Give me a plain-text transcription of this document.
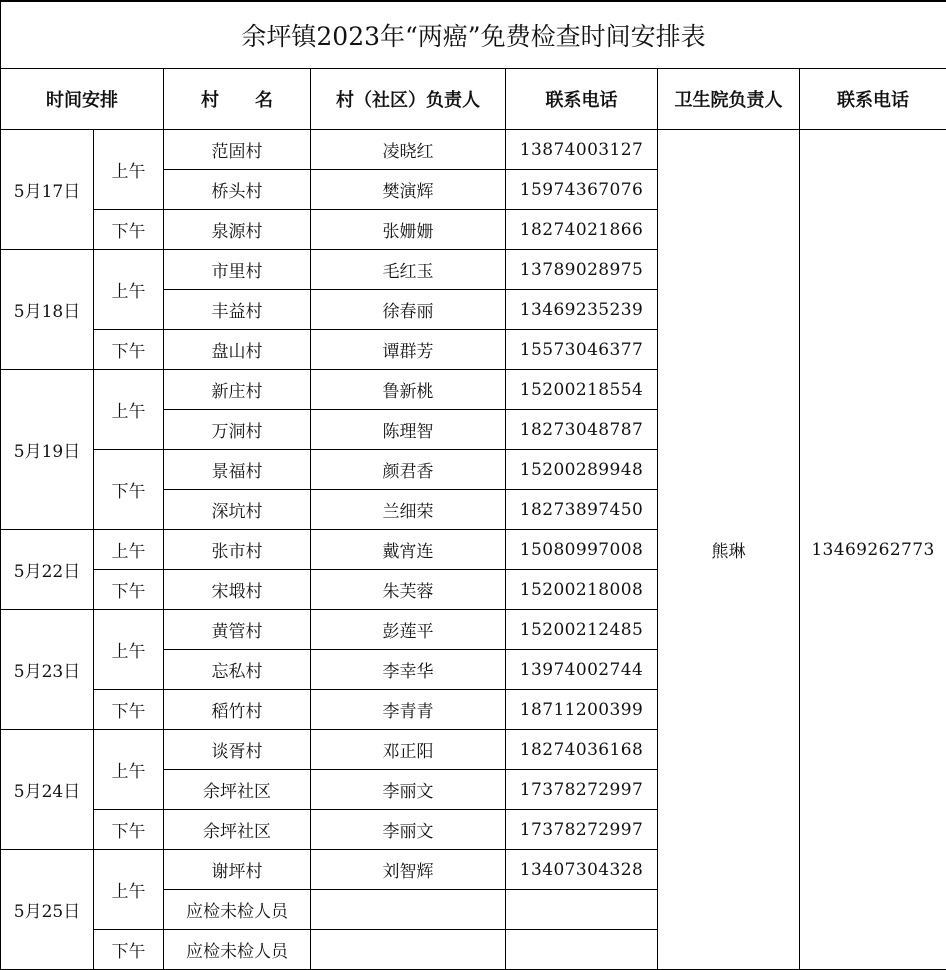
余坪镇2023年“两癌”免费检查时间安排表						
时间安排		村　　名	村（社区）负责人	联系电话	卫生院负责人	联系电话
5月17日	上午	范固村	凌晓红	13874003127	熊琳	13469262773
		桥头村	樊演辉	15974367076		
	下午	泉源村	张姗姗	18274021866		
5月18日	上午	市里村	毛红玉	13789028975		
		丰益村	徐春丽	13469235239		
	下午	盘山村	谭群芳	15573046377		
5月19日	上午	新庄村	鲁新桃	15200218554		
		万洞村	陈理智	18273048787		
	下午	景福村	颜君香	15200289948		
		深坑村	兰细荣	18273897450		
5月22日	上午	张市村	戴宵连	15080997008		
	下午	宋塅村	朱芙蓉	15200218008		
5月23日	上午	黄管村	彭莲平	15200212485		
		忘私村	李幸华	13974002744		
	下午	稻竹村	李青青	18711200399		
5月24日	上午	谈胥村	邓正阳	18274036168		
		余坪社区	李丽文	17378272997		
	下午	余坪社区	李丽文	17378272997		
5月25日	上午	谢坪村	刘智辉	13407304328		
		应检未检人员				
	下午	应检未检人员				
